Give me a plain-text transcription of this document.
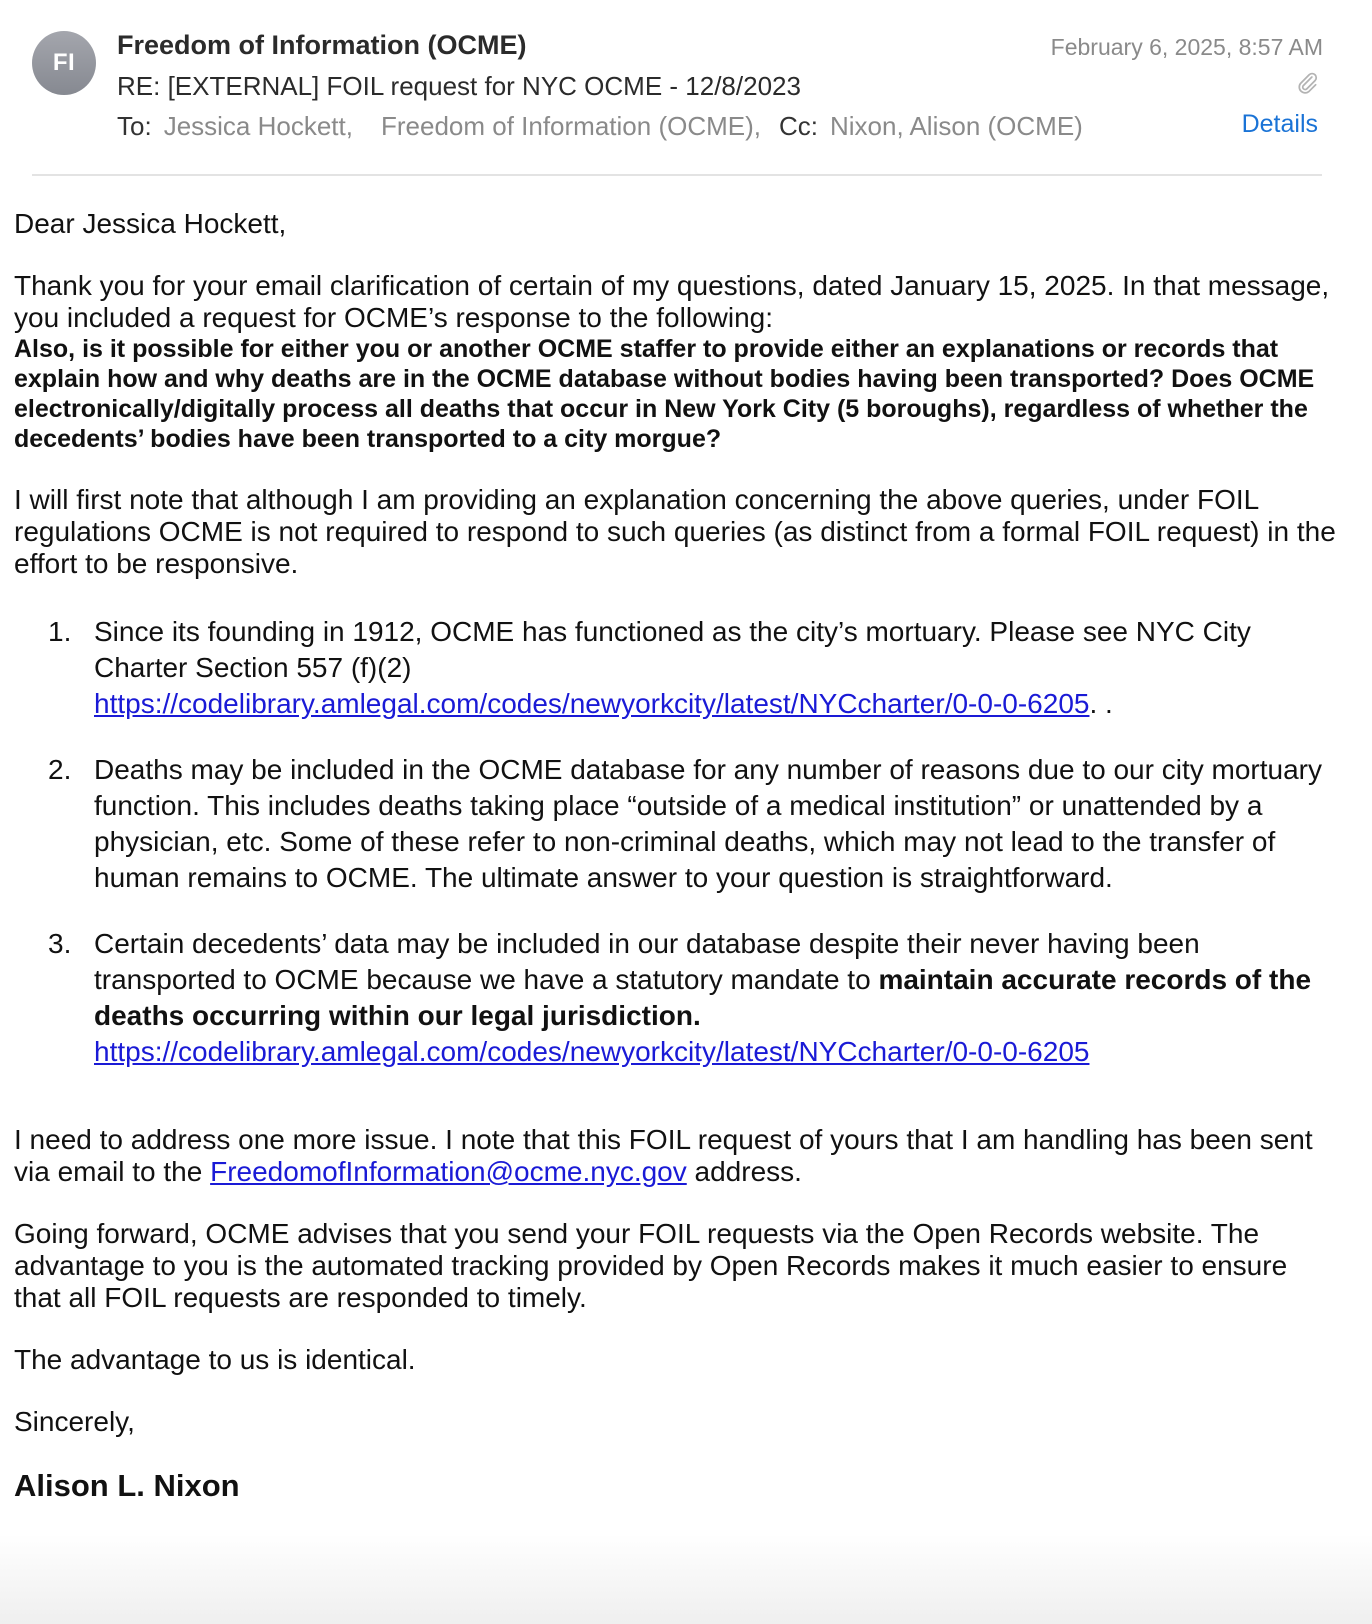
FI
Freedom of Information (OCME)	February 6, 2025, 8:57 AM
RE: [EXTERNAL] FOIL request for NYC OCME - 12/8/2023
To: Jessica Hockett, Freedom of Information (OCME), Cc: Nixon, Alison (OCME)	Details

Dear Jessica Hockett,

Thank you for your email clarification of certain of my questions, dated January 15, 2025. In that message, you included a request for OCME’s response to the following:

Also, is it possible for either you or another OCME staffer to provide either an explanations or records that explain how and why deaths are in the OCME database without bodies having been transported? Does OCME electronically/digitally process all deaths that occur in New York City (5 boroughs), regardless of whether the decedents’ bodies have been transported to a city morgue?

I will first note that although I am providing an explanation concerning the above queries, under FOIL regulations OCME is not required to respond to such queries (as distinct from a formal FOIL request) in the effort to be responsive.

1. Since its founding in 1912, OCME has functioned as the city’s mortuary. Please see NYC City Charter Section 557 (f)(2)
https://codelibrary.amlegal.com/codes/newyorkcity/latest/NYCcharter/0-0-0-6205. .
2. Deaths may be included in the OCME database for any number of reasons due to our city mortuary function. This includes deaths taking place “outside of a medical institution” or unattended by a physician, etc. Some of these refer to non-criminal deaths, which may not lead to the transfer of human remains to OCME. The ultimate answer to your question is straightforward.
3. Certain decedents’ data may be included in our database despite their never having been transported to OCME because we have a statutory mandate to maintain accurate records of the deaths occurring within our legal jurisdiction.
https://codelibrary.amlegal.com/codes/newyorkcity/latest/NYCcharter/0-0-0-6205

I need to address one more issue. I note that this FOIL request of yours that I am handling has been sent via email to the FreedomofInformation@ocme.nyc.gov address.

Going forward, OCME advises that you send your FOIL requests via the Open Records website. The advantage to you is the automated tracking provided by Open Records makes it much easier to ensure that all FOIL requests are responded to timely.

The advantage to us is identical.

Sincerely,

Alison L. Nixon
